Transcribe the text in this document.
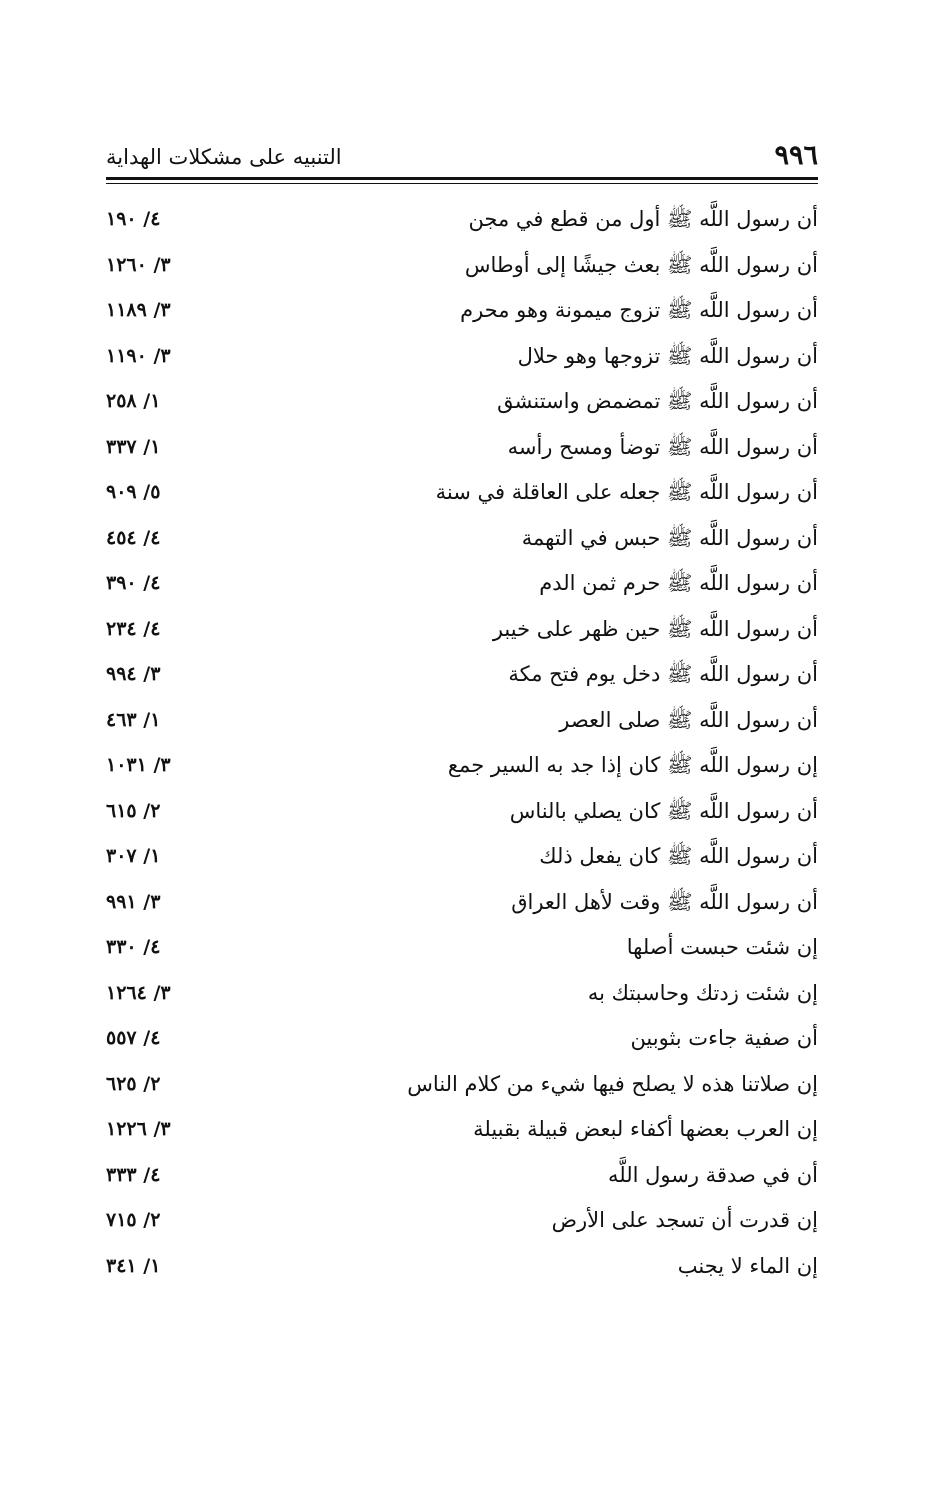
٩٩٦
التنبيه على مشكلات الهداية
أن رسول اللَّه ﷺ أول من قطع في مجن
٤/ ١٩٠
أن رسول اللَّه ﷺ بعث جيشًا إلى أوطاس
٣/ ١٢٦٠
أن رسول اللَّه ﷺ تزوج ميمونة وهو محرم
٣/ ١١٨٩
أن رسول اللَّه ﷺ تزوجها وهو حلال
٣/ ١١٩٠
أن رسول اللَّه ﷺ تمضمض واستنشق
١/ ٢٥٨
أن رسول اللَّه ﷺ توضأ ومسح رأسه
١/ ٣٣٧
أن رسول اللَّه ﷺ جعله على العاقلة في سنة
٥/ ٩٠٩
أن رسول اللَّه ﷺ حبس في التهمة
٤/ ٤٥٤
أن رسول اللَّه ﷺ حرم ثمن الدم
٤/ ٣٩٠
أن رسول اللَّه ﷺ حين ظهر على خيبر
٤/ ٢٣٤
أن رسول اللَّه ﷺ دخل يوم فتح مكة
٣/ ٩٩٤
أن رسول اللَّه ﷺ صلى العصر
١/ ٤٦٣
إن رسول اللَّه ﷺ كان إذا جد به السير جمع
٣/ ١٠٣١
أن رسول اللَّه ﷺ كان يصلي بالناس
٢/ ٦١٥
أن رسول اللَّه ﷺ كان يفعل ذلك
١/ ٣٠٧
أن رسول اللَّه ﷺ وقت لأهل العراق
٣/ ٩٩١
إن شئت حبست أصلها
٤/ ٣٣٠
إن شئت زدتك وحاسبتك به
٣/ ١٢٦٤
أن صفية جاءت بثوبين
٤/ ٥٥٧
إن صلاتنا هذه لا يصلح فيها شيء من كلام الناس
٢/ ٦٢٥
إن العرب بعضها أكفاء لبعض قبيلة بقبيلة
٣/ ١٢٢٦
أن في صدقة رسول اللَّه
٤/ ٣٣٣
إن قدرت أن تسجد على الأرض
٢/ ٧١٥
إن الماء لا يجنب
١/ ٣٤١
